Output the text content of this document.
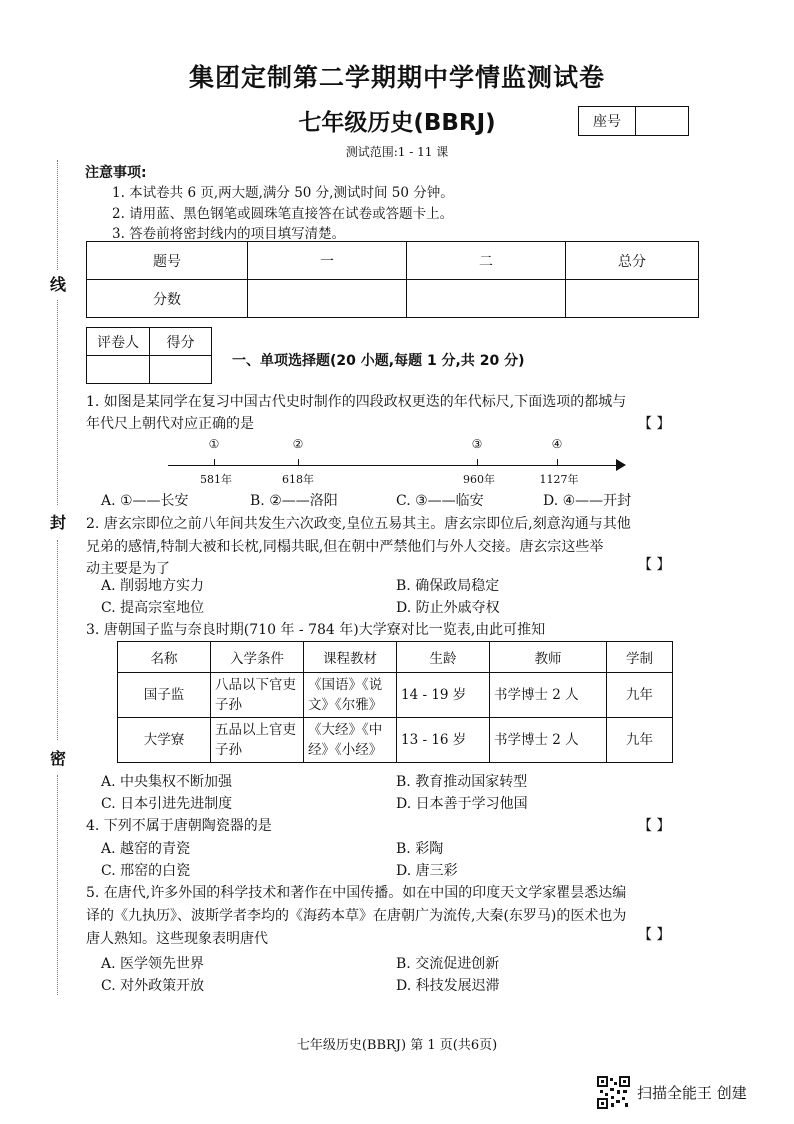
集团定制第二学期期中学情监测试卷
七年级历史(BBRJ)	座号
测试范围:1 - 11 课
注意事项:
1. 本试卷共 6 页,两大题,满分 50 分,测试时间 50 分钟。
2. 请用蓝、黑色钢笔或圆珠笔直接答在试卷或答题卡上。
3. 答卷前将密封线内的项目填写清楚。
线
封
密
题号	一	二	总分
分数			
评卷人	得分

一、单项选择题(20 小题,每题 1 分,共 20 分)
1. 如图是某同学在复习中国古代史时制作的四段政权更迭的年代标尺,下面选项的都城与
年代尺上朝代对应正确的是	【 】
①	②	③	④
581年	618年	960年	1127年
A. ①——长安	B. ②——洛阳	C. ③——临安	D. ④——开封
2. 唐玄宗即位之前八年间共发生六次政变,皇位五易其主。唐玄宗即位后,刻意沟通与其他
兄弟的感情,特制大被和长枕,同榻共眠,但在朝中严禁他们与外人交接。唐玄宗这些举
动主要是为了	【 】
A. 削弱地方实力	B. 确保政局稳定
C. 提高宗室地位	D. 防止外戚夺权
3. 唐朝国子监与奈良时期(710 年 - 784 年)大学寮对比一览表,由此可推知
名称	入学条件	课程教材	生龄	教师	学制
国子监	八品以下官吏子孙	《国语》《说文》《尔雅》	14 - 19 岁	书学博士 2 人	九年
大学寮	五品以上官吏子孙	《大经》《中经》《小经》	13 - 16 岁	书学博士 2 人	九年
A. 中央集权不断加强	B. 教育推动国家转型
C. 日本引进先进制度	D. 日本善于学习他国
4. 下列不属于唐朝陶瓷器的是	【 】
A. 越窑的青瓷	B. 彩陶
C. 邢窑的白瓷	D. 唐三彩
5. 在唐代,许多外国的科学技术和著作在中国传播。如在中国的印度天文学家瞿昙悉达编
译的《九执历》、波斯学者李均的《海药本草》在唐朝广为流传,大秦(东罗马)的医术也为
唐人熟知。这些现象表明唐代	【 】
A. 医学领先世界	B. 交流促进创新
C. 对外政策开放	D. 科技发展迟滞
七年级历史(BBRJ) 第 1 页(共6页)
扫描全能王 创建
